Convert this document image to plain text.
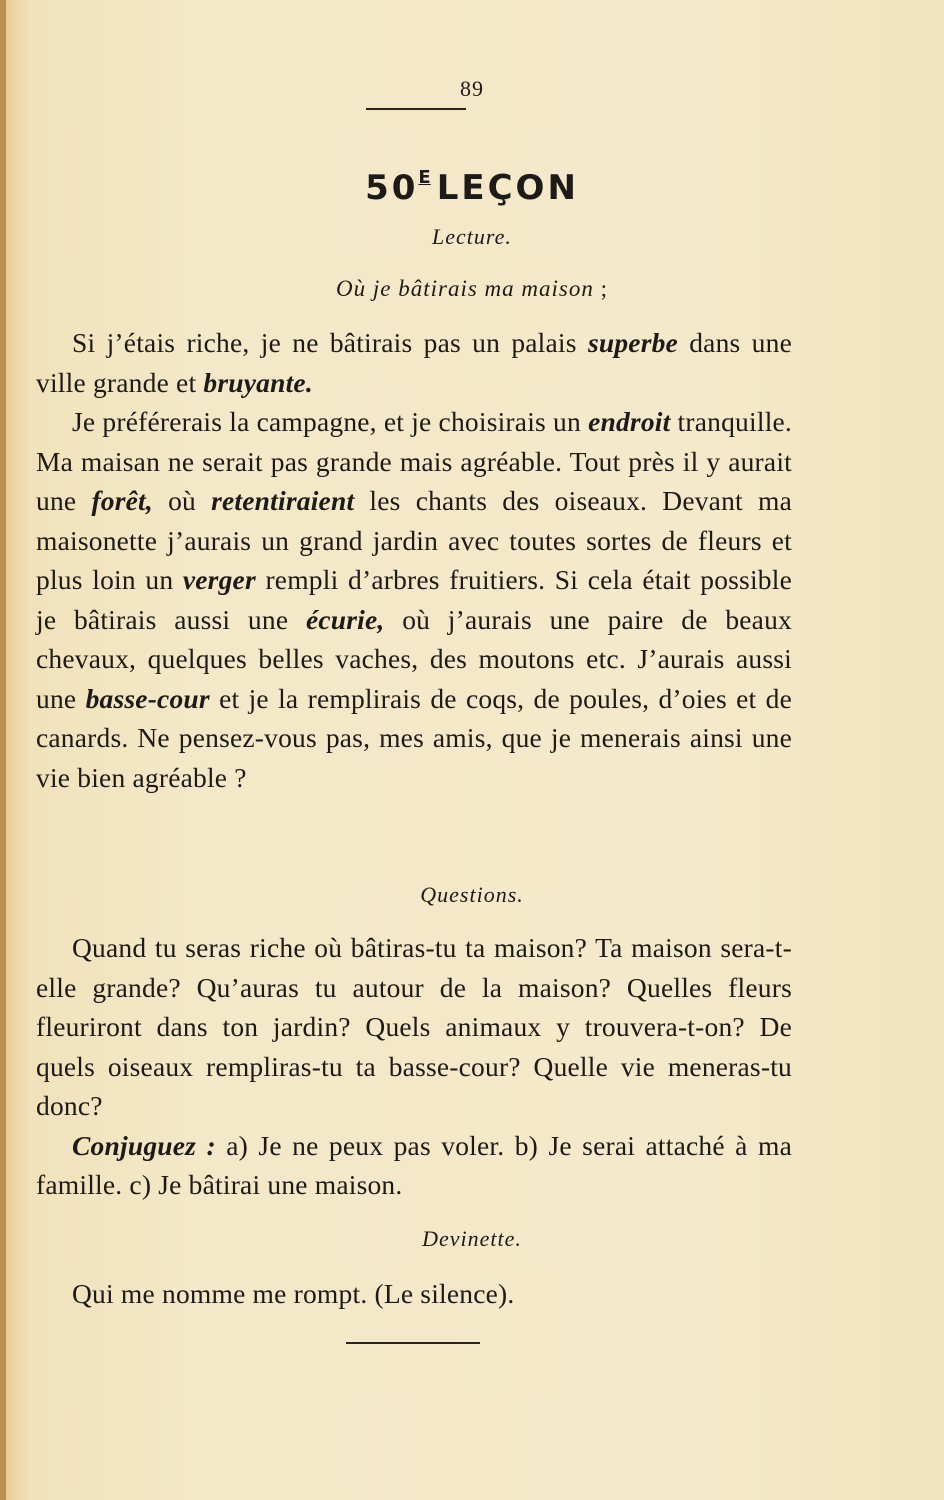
89
$50^E$ LEÇON
Lecture.
Où je bâtirais ma maison ;

Si j’étais riche, je ne bâtirais pas un palais superbe dans une ville grande et bruyante.

Je préférerais la campagne, et je choisirais un endroit tranquille. Ma maisan ne serait pas grande mais agréable. Tout près il y aurait une forêt, où retentiraient les chants des oiseaux. Devant ma maisonette j’aurais un grand jardin avec toutes sortes de fleurs et plus loin un verger rempli d’arbres fruitiers. Si cela était possible je bâtirais aussi une écurie, où j’aurais une paire de beaux chevaux, quelques belles vaches, des moutons etc. J’aurais aussi une basse-cour et je la remplirais de coqs, de poules, d’oies et de canards. Ne pensez-vous pas, mes amis, que je menerais ainsi une vie bien agréable ?

Questions.

Quand tu seras riche où bâtiras-tu ta maison? Ta maison sera-t-elle grande? Qu’auras tu autour de la maison? Quelles fleurs fleuriront dans ton jardin? Quels animaux y trouvera-t-on? De quels oiseaux rempliras-tu ta basse-cour? Quelle vie meneras-tu donc?

Conjuguez : a) Je ne peux pas voler. b) Je serai attaché à ma famille. c) Je bâtirai une maison.

Devinette.

Qui me nomme me rompt. (Le silence).
